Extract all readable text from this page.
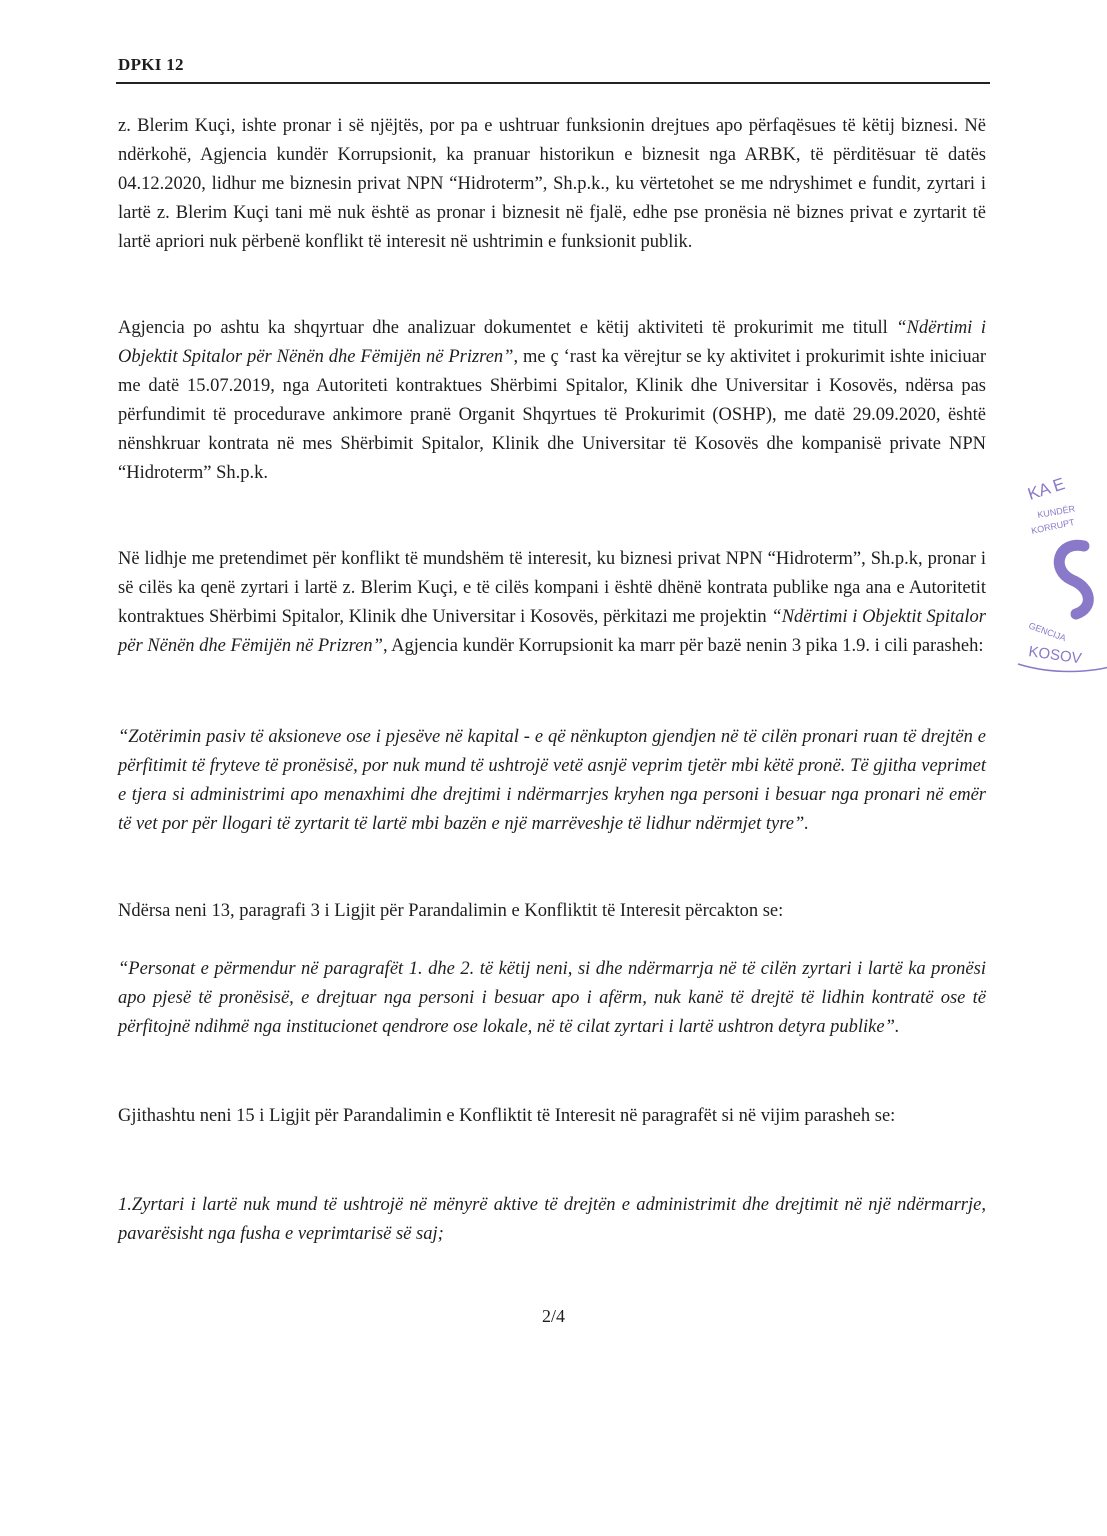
DPKI 12

z. Blerim Kuçi, ishte pronar i së njëjtës, por pa e ushtruar funksionin drejtues apo përfaqësues të këtij biznesi. Në ndërkohë, Agjencia kundër Korrupsionit, ka pranuar historikun e biznesit nga ARBK, të përditësuar të datës 04.12.2020, lidhur me biznesin privat NPN “Hidroterm”, Sh.p.k., ku vërtetohet se me ndryshimet e fundit, zyrtari i lartë z. Blerim Kuçi tani më nuk është as pronar i biznesit në fjalë, edhe pse pronësia në biznes privat e zyrtarit të lartë apriori nuk përbenë konflikt të interesit në ushtrimin e funksionit publik.

Agjencia po ashtu ka shqyrtuar dhe analizuar dokumentet e këtij aktiviteti të prokurimit me titull “Ndërtimi i Objektit Spitalor për Nënën dhe Fëmijën në Prizren”, me ç ‘rast ka vërejtur se ky aktivitet i prokurimit ishte iniciuar me datë 15.07.2019, nga Autoriteti kontraktues Shërbimi Spitalor, Klinik dhe Universitar i Kosovës, ndërsa pas përfundimit të procedurave ankimore pranë Organit Shqyrtues të Prokurimit (OSHP), me datë 29.09.2020, është nënshkruar kontrata në mes Shërbimit Spitalor, Klinik dhe Universitar të Kosovës dhe kompanisë private NPN “Hidroterm” Sh.p.k.

Në lidhje me pretendimet për konflikt të mundshëm të interesit, ku biznesi privat NPN “Hidroterm”, Sh.p.k, pronar i së cilës ka qenë zyrtari i lartë z. Blerim Kuçi, e të cilës kompani i është dhënë kontrata publike nga ana e Autoritetit kontraktues Shërbimi Spitalor, Klinik dhe Universitar i Kosovës, përkitazi me projektin “Ndërtimi i Objektit Spitalor për Nënën dhe Fëmijën në Prizren”, Agjencia kundër Korrupsionit ka marr për bazë nenin 3 pika 1.9. i cili parasheh:

“Zotërimin pasiv të aksioneve ose i pjesëve në kapital - e që nënkupton gjendjen në të cilën pronari ruan të drejtën e përfitimit të fryteve të pronësisë, por nuk mund të ushtrojë vetë asnjë veprim tjetër mbi këtë pronë. Të gjitha veprimet e tjera si administrimi apo menaxhimi dhe drejtimi i ndërmarrjes kryhen nga personi i besuar nga pronari në emër të vet por për llogari të zyrtarit të lartë mbi bazën e një marrëveshje të lidhur ndërmjet tyre”.

Ndërsa neni 13, paragrafi 3 i Ligjit për Parandalimin e Konfliktit të Interesit përcakton se:

“Personat e përmendur në paragrafët 1. dhe 2. të këtij neni, si dhe ndërmarrja në të cilën zyrtari i lartë ka pronësi apo pjesë të pronësisë, e drejtuar nga personi i besuar apo i afërm, nuk kanë të drejtë të lidhin kontratë ose të përfitojnë ndihmë nga institucionet qendrore ose lokale, në të cilat zyrtari i lartë ushtron detyra publike”.

Gjithashtu neni 15 i Ligjit për Parandalimin e Konfliktit të Interesit në paragrafët si në vijim parasheh se:

1.Zyrtari i lartë nuk mund të ushtrojë në mënyrë aktive të drejtën e administrimit dhe drejtimit në një ndërmarrje, pavarësisht nga fusha e veprimtarisë së saj;

2/4
KA E
KUNDËR
KORRUPT
GENCIJA
KOSOV
